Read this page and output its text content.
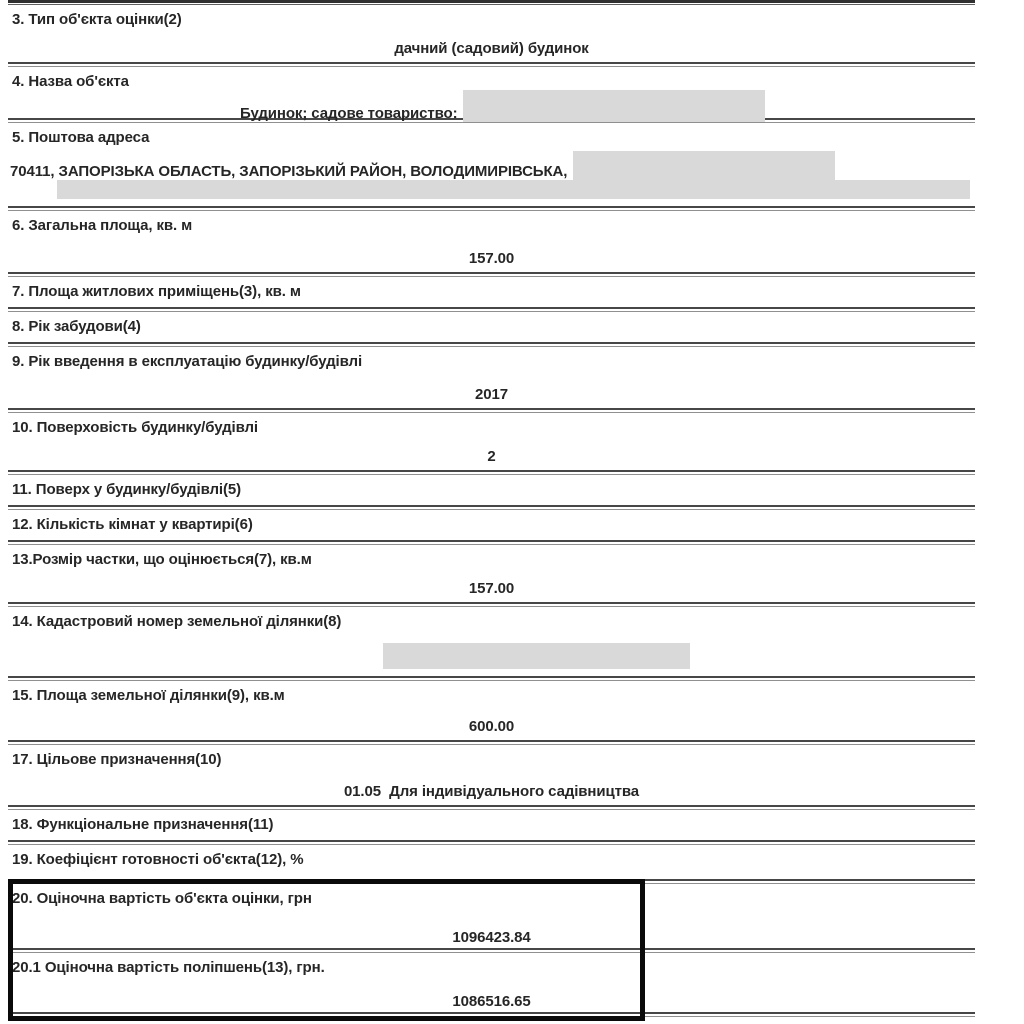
3. Тип об'єкта оцінки(2)
дачний (садовий) будинок
4. Назва об'єкта
Будинок; садове товариство:
5. Поштова адреса
70411, ЗАПОРІЗЬКА ОБЛАСТЬ, ЗАПОРІЗЬКИЙ РАЙОН, ВОЛОДИМИРІВСЬКА,
6. Загальна площа, кв. м
157.00
7. Площа житлових приміщень(3), кв. м
8. Рік забудови(4)
9. Рік введення в експлуатацію будинку/будівлі
2017
10. Поверховість будинку/будівлі
2
11. Поверх у будинку/будівлі(5)
12. Кількість кімнат у квартирі(6)
13.Розмір частки, що оцінюється(7), кв.м
157.00
14. Кадастровий номер земельної ділянки(8)
15. Площа земельної ділянки(9), кв.м
600.00
17. Цільове призначення(10)
01.05  Для індивідуального садівництва
18. Функціональне призначення(11)
19. Коефіцієнт готовності об'єкта(12), %
20. Оціночна вартість об'єкта оцінки, грн
1096423.84
20.1 Оціночна вартість поліпшень(13), грн.
1086516.65
